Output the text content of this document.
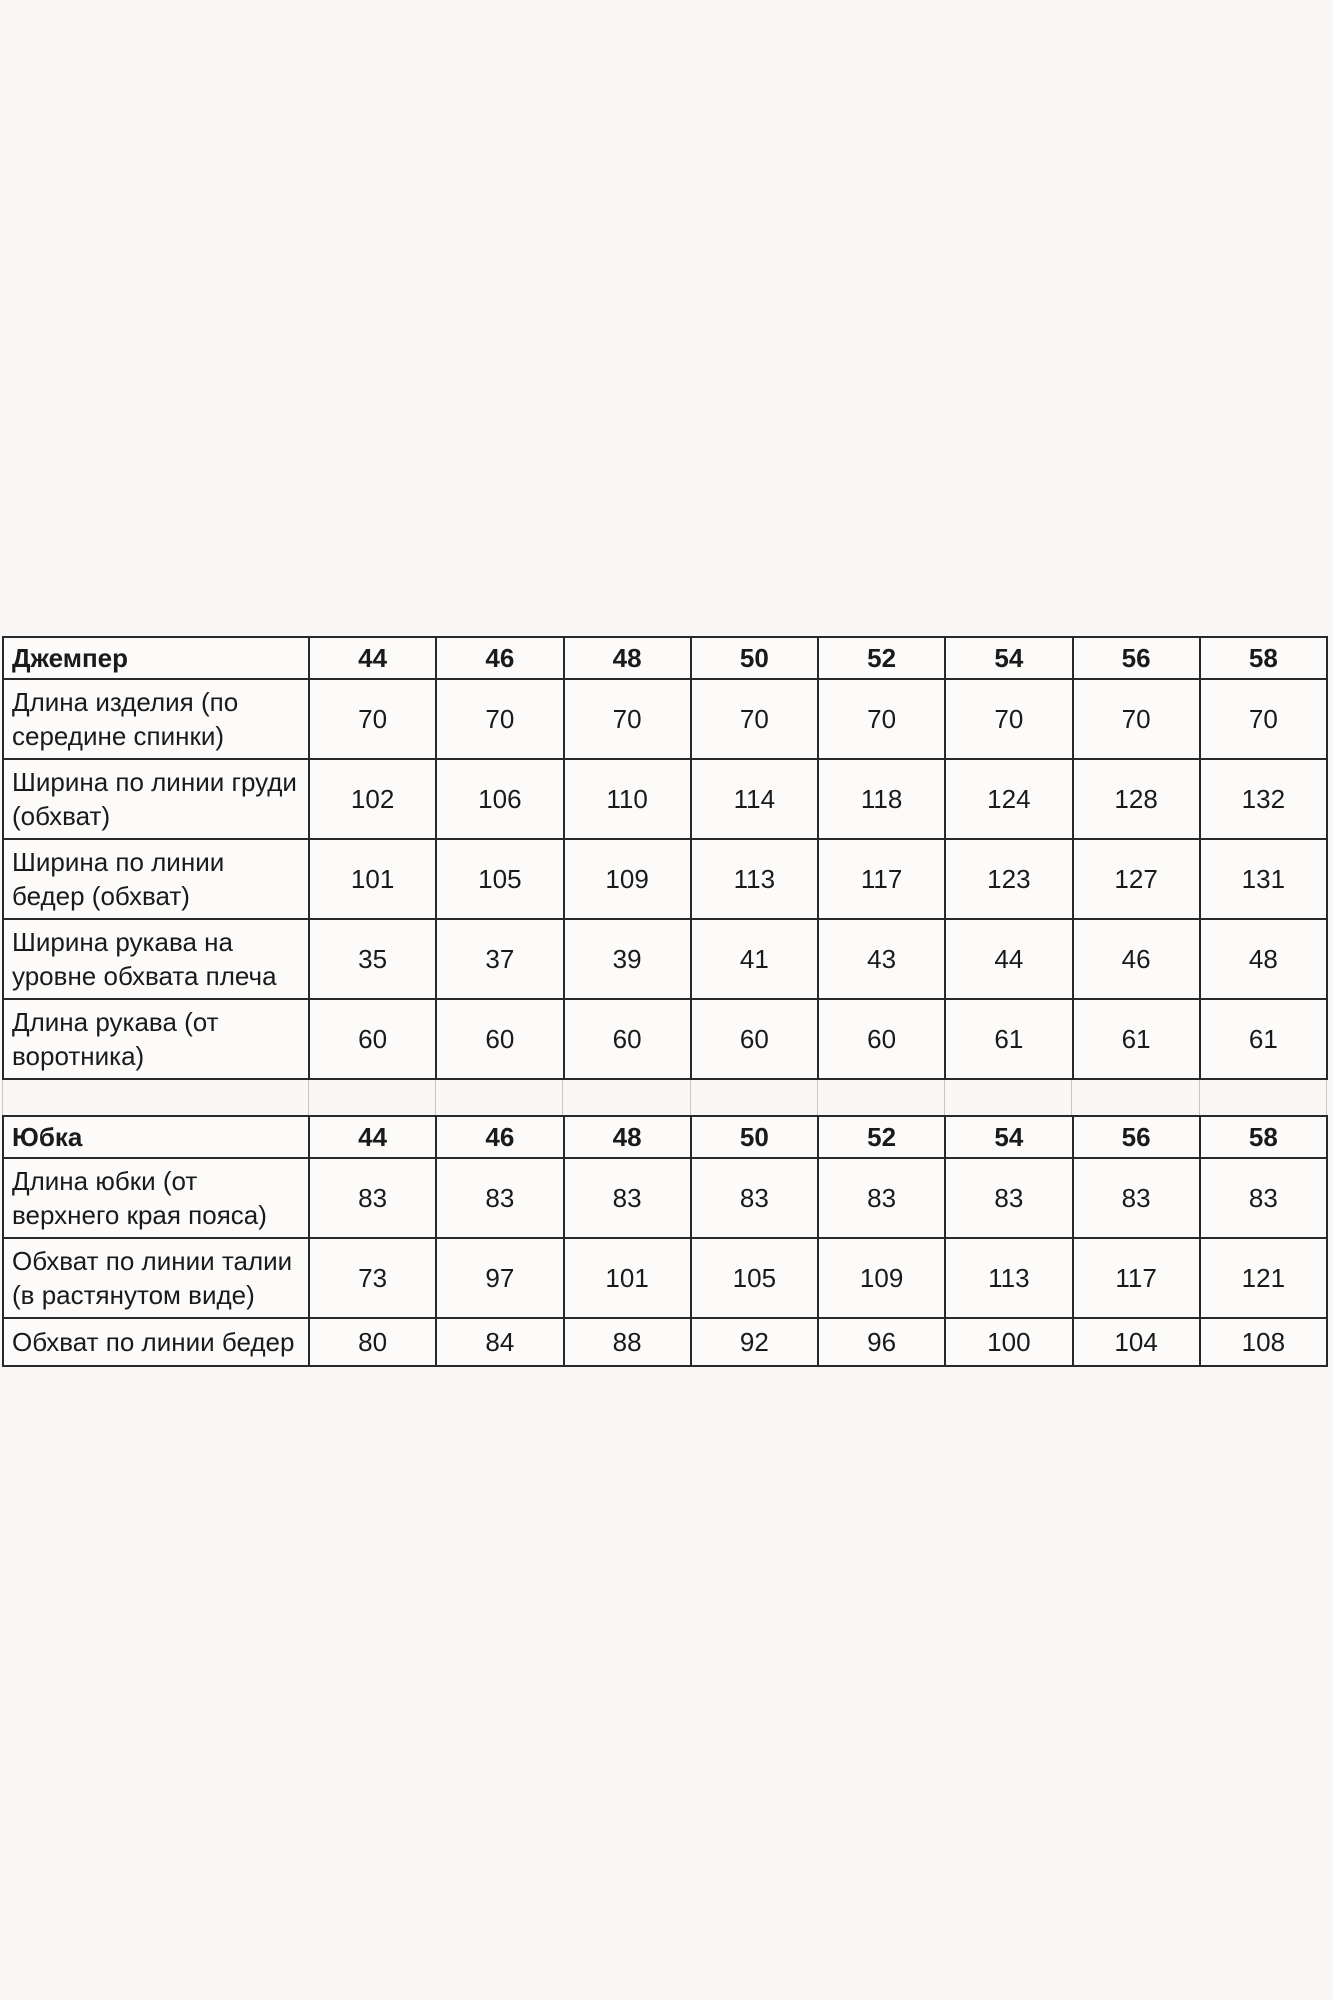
Джемпер	44	46	48	50	52	54	56	58

Длина изделия (по
середине спинки)	70	70	70	70	70	70	70	70

Ширина по линии груди
(обхват)	102	106	110	114	118	124	128	132

Ширина по линии
бедер (обхват)	101	105	109	113	117	123	127	131

Ширина рукава на
уровне обхвата плеча	35	37	39	41	43	44	46	48

Длина рукава (от
воротника)	60	60	60	60	60	61	61	61
Юбка	44	46	48	50	52	54	56	58

Длина юбки (от
верхнего края пояса)	83	83	83	83	83	83	83	83

Обхват по линии талии
(в растянутом виде)	73	97	101	105	109	113	117	121

Обхват по линии бедер	80	84	88	92	96	100	104	108
